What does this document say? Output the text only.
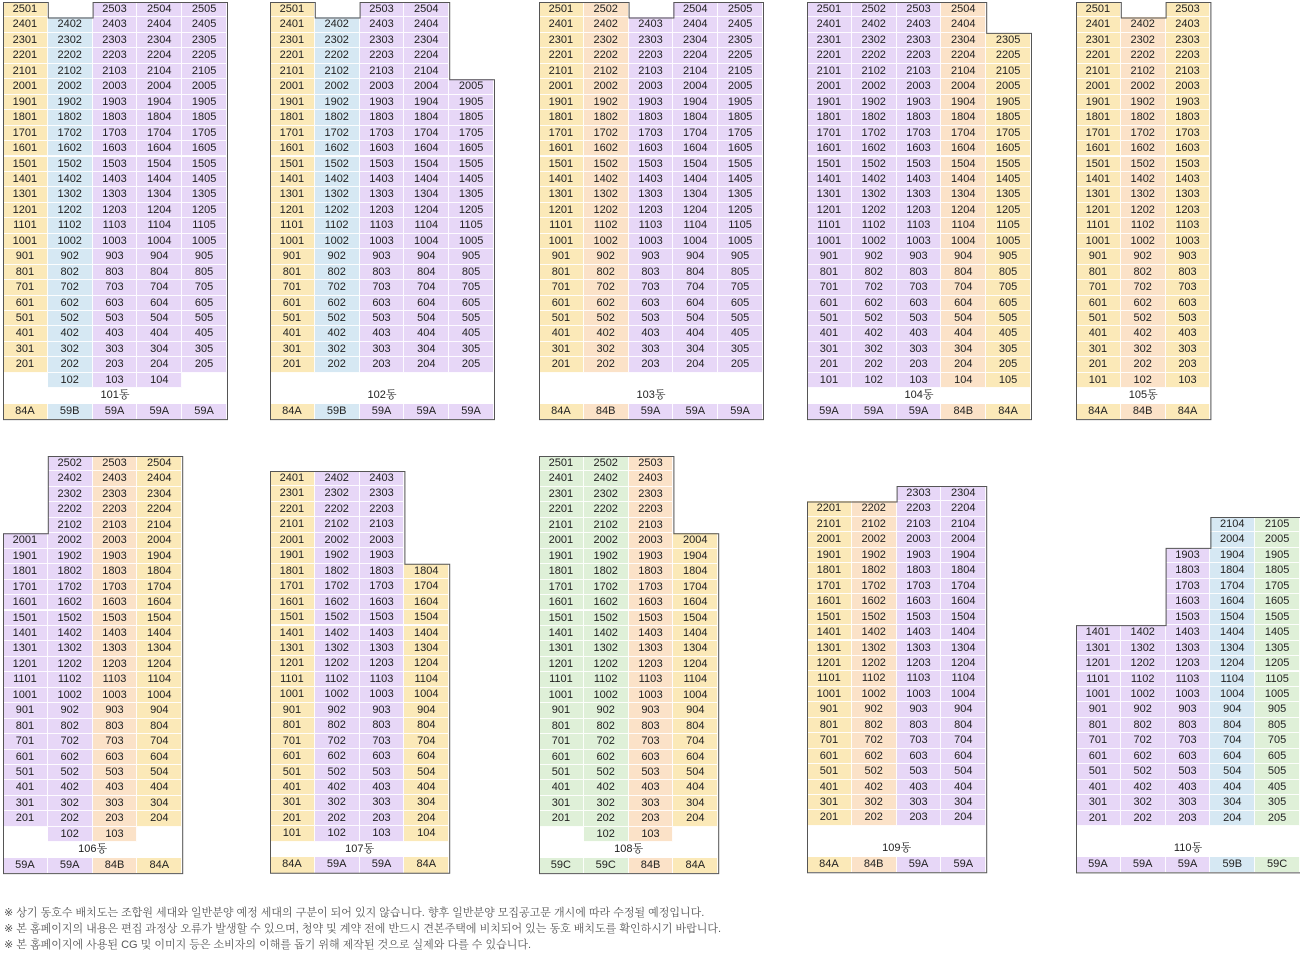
201
301
401
501
601
701
801
901
1001
1101
1201
1301
1401
1501
1601
1701
1801
1901
2001
2101
2201
2301
2401
2501
84A
102
202
302
402
502
602
702
802
902
1002
1102
1202
1302
1402
1502
1602
1702
1802
1902
2002
2102
2202
2302
2402
59B
103
203
303
403
503
603
703
803
903
1003
1103
1203
1303
1403
1503
1603
1703
1803
1903
2003
2103
2203
2303
2403
2503
59A
104
204
304
404
504
604
704
804
904
1004
1104
1204
1304
1404
1504
1604
1704
1804
1904
2004
2104
2204
2304
2404
2504
59A
205
305
405
505
605
705
805
905
1005
1105
1205
1305
1405
1505
1605
1705
1805
1905
2005
2105
2205
2305
2405
2505
59A
101동
201
301
401
501
601
701
801
901
1001
1101
1201
1301
1401
1501
1601
1701
1801
1901
2001
2101
2201
2301
2401
2501
84A
202
302
402
502
602
702
802
902
1002
1102
1202
1302
1402
1502
1602
1702
1802
1902
2002
2102
2202
2302
2402
59B
203
303
403
503
603
703
803
903
1003
1103
1203
1303
1403
1503
1603
1703
1803
1903
2003
2103
2203
2303
2403
2503
59A
204
304
404
504
604
704
804
904
1004
1104
1204
1304
1404
1504
1604
1704
1804
1904
2004
2104
2204
2304
2404
2504
59A
205
305
405
505
605
705
805
905
1005
1105
1205
1305
1405
1505
1605
1705
1805
1905
2005
59A
102동
201
301
401
501
601
701
801
901
1001
1101
1201
1301
1401
1501
1601
1701
1801
1901
2001
2101
2201
2301
2401
2501
84A
202
302
402
502
602
702
802
902
1002
1102
1202
1302
1402
1502
1602
1702
1802
1902
2002
2102
2202
2302
2402
2502
84B
203
303
403
503
603
703
803
903
1003
1103
1203
1303
1403
1503
1603
1703
1803
1903
2003
2103
2203
2303
2403
59A
204
304
404
504
604
704
804
904
1004
1104
1204
1304
1404
1504
1604
1704
1804
1904
2004
2104
2204
2304
2404
2504
59A
205
305
405
505
605
705
805
905
1005
1105
1205
1305
1405
1505
1605
1705
1805
1905
2005
2105
2205
2305
2405
2505
59A
103동
101
201
301
401
501
601
701
801
901
1001
1101
1201
1301
1401
1501
1601
1701
1801
1901
2001
2101
2201
2301
2401
2501
59A
102
202
302
402
502
602
702
802
902
1002
1102
1202
1302
1402
1502
1602
1702
1802
1902
2002
2102
2202
2302
2402
2502
59A
103
203
303
403
503
603
703
803
903
1003
1103
1203
1303
1403
1503
1603
1703
1803
1903
2003
2103
2203
2303
2403
2503
59A
104
204
304
404
504
604
704
804
904
1004
1104
1204
1304
1404
1504
1604
1704
1804
1904
2004
2104
2204
2304
2404
2504
84B
105
205
305
405
505
605
705
805
905
1005
1105
1205
1305
1405
1505
1605
1705
1805
1905
2005
2105
2205
2305
84A
104동
101
201
301
401
501
601
701
801
901
1001
1101
1201
1301
1401
1501
1601
1701
1801
1901
2001
2101
2201
2301
2401
2501
84A
102
202
302
402
502
602
702
802
902
1002
1102
1202
1302
1402
1502
1602
1702
1802
1902
2002
2102
2202
2302
2402
84B
103
203
303
403
503
603
703
803
903
1003
1103
1203
1303
1403
1503
1603
1703
1803
1903
2003
2103
2203
2303
2403
2503
84A
105동
201
301
401
501
601
701
801
901
1001
1101
1201
1301
1401
1501
1601
1701
1801
1901
2001
59A
102
202
302
402
502
602
702
802
902
1002
1102
1202
1302
1402
1502
1602
1702
1802
1902
2002
2102
2202
2302
2402
2502
59A
103
203
303
403
503
603
703
803
903
1003
1103
1203
1303
1403
1503
1603
1703
1803
1903
2003
2103
2203
2303
2403
2503
84B
204
304
404
504
604
704
804
904
1004
1104
1204
1304
1404
1504
1604
1704
1804
1904
2004
2104
2204
2304
2404
2504
84A
106동
101
201
301
401
501
601
701
801
901
1001
1101
1201
1301
1401
1501
1601
1701
1801
1901
2001
2101
2201
2301
2401
84A
102
202
302
402
502
602
702
802
902
1002
1102
1202
1302
1402
1502
1602
1702
1802
1902
2002
2102
2202
2302
2402
59A
103
203
303
403
503
603
703
803
903
1003
1103
1203
1303
1403
1503
1603
1703
1803
1903
2003
2103
2203
2303
2403
59A
104
204
304
404
504
604
704
804
904
1004
1104
1204
1304
1404
1504
1604
1704
1804
84A
107동
201
301
401
501
601
701
801
901
1001
1101
1201
1301
1401
1501
1601
1701
1801
1901
2001
2101
2201
2301
2401
2501
59C
102
202
302
402
502
602
702
802
902
1002
1102
1202
1302
1402
1502
1602
1702
1802
1902
2002
2102
2202
2302
2402
2502
59C
103
203
303
403
503
603
703
803
903
1003
1103
1203
1303
1403
1503
1603
1703
1803
1903
2003
2103
2203
2303
2403
2503
84B
204
304
404
504
604
704
804
904
1004
1104
1204
1304
1404
1504
1604
1704
1804
1904
2004
84A
108동
201
301
401
501
601
701
801
901
1001
1101
1201
1301
1401
1501
1601
1701
1801
1901
2001
2101
2201
84A
202
302
402
502
602
702
802
902
1002
1102
1202
1302
1402
1502
1602
1702
1802
1902
2002
2102
2202
84B
203
303
403
503
603
703
803
903
1003
1103
1203
1303
1403
1503
1603
1703
1803
1903
2003
2103
2203
2303
59A
204
304
404
504
604
704
804
904
1004
1104
1204
1304
1404
1504
1604
1704
1804
1904
2004
2104
2204
2304
59A
109동
201
301
401
501
601
701
801
901
1001
1101
1201
1301
1401
59A
202
302
402
502
602
702
802
902
1002
1102
1202
1302
1402
59A
203
303
403
503
603
703
803
903
1003
1103
1203
1303
1403
1503
1603
1703
1803
1903
59A
204
304
404
504
604
704
804
904
1004
1104
1204
1304
1404
1504
1604
1704
1804
1904
2004
2104
59B
205
305
405
505
605
705
805
905
1005
1105
1205
1305
1405
1505
1605
1705
1805
1905
2005
2105
59C
110동
※ 상기 동호수 배치도는 조합원 세대와 일반분양 예정 세대의 구분이 되어 있지 않습니다. 향후 일반분양 모집공고문 개시에 따라 수정될 예정입니다.
※ 본 홈페이지의 내용은 편집 과정상 오류가 발생할 수 있으며, 청약 및 계약 전에 반드시 견본주택에 비치되어 있는 동호 배치도를 확인하시기 바랍니다.
※ 본 홈페이지에 사용된 CG 및 이미지 등은 소비자의 이해를 돕기 위해 제작된 것으로 실제와 다를 수 있습니다.
